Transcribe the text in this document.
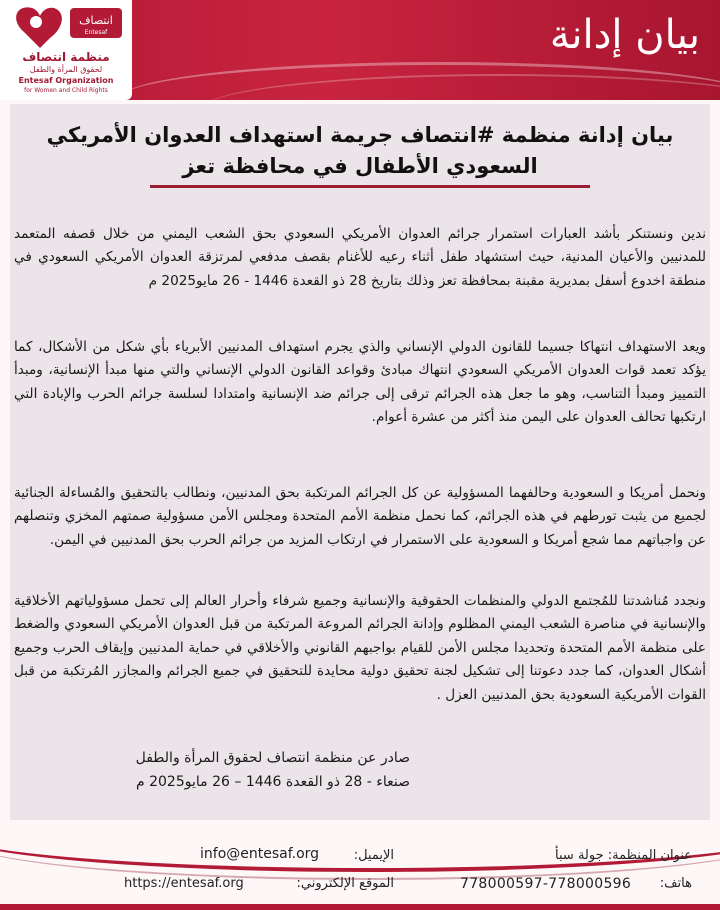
انتصاف
Entesaf
منظمة انتصاف
لحقوق المرأة والطفل
Entesaf Organization
for Women and Child Rights
بيان إدانة
بيان إدانة منظمة #انتصاف جريمة استهداف العدوان الأمريكي السعودي الأطفال في محافظة تعز

ندين ونستنكر بأشد العبارات استمرار جرائم العدوان الأمريكي السعودي بحق الشعب اليمني من خلال قصفه المتعمد للمدنيين والأعيان المدنية، حيث استشهاد طفل أثناء رعيه للأغنام بقصف مدفعي لمرتزقة العدوان الأمريكي السعودي في منطقة اخدوع أسفل بمديرية مقبنة بمحافظة تعز وذلك بتاريخ 28 ذو القعدة 1446 - 26 مايو2025 م

ويعد الاستهداف انتهاكا جسيما للقانون الدولي الإنساني والذي يجرم استهداف المدنيين الأبرياء بأي شكل من الأشكال، كما يؤكد تعمد قوات العدوان الأمريكي السعودي انتهاك مبادئ وقواعد القانون الدولي الإنساني والتي منها مبدأ الإنسانية، ومبدأ التمييز ومبدأ التناسب، وهو ما جعل هذه الجرائم ترقى إلى جرائم ضد الإنسانية وامتدادا لسلسة جرائم الحرب والإبادة التي ارتكبها تحالف العدوان على اليمن منذ أكثر من عشرة أعوام.

ونحمل أمريكا و السعودية وحالفهما المسؤولية عن كل الجرائم المرتكبة بحق المدنيين، ونطالب بالتحقيق والمُساءلة الجنائية لجميع من يثبت تورطهم في هذه الجرائم، كما نحمل منظمة الأمم المتحدة ومجلس الأمن مسؤولية صمتهم المخزي وتنصلهم عن واجباتهم مما شجع أمريكا و السعودية على الاستمرار في ارتكاب المزيد من جرائم الحرب بحق المدنيين في اليمن.

ونجدد مُناشدتنا للمُجتمع الدولي والمنظمات الحقوقية والإنسانية وجميع شرفاء وأحرار العالم إلى تحمل مسؤولياتهم الأخلاقية والإنسانية في مناصرة الشعب اليمني المظلوم وإدانة الجرائم المروعة المرتكبة من قبل العدوان الأمريكي السعودي والضغط على منظمة الأمم المتحدة وتحديدا مجلس الأمن للقيام بواجبهم القانوني والأخلاقي في حماية المدنيين وإيقاف الحرب وجميع أشكال العدوان، كما جدد دعوتنا إلى تشكيل لجنة تحقيق دولية محايدة للتحقيق في جميع الجرائم والمجازر المُرتكبة من قبل القوات الأمريكية السعودية بحق المدنيين العزل .

صادر عن منظمة انتصاف لحقوق المرأة والطفل
صنعاء - 28 ذو القعدة 1446 – 26 مايو2025 م
الإيميل:
info@entesaf.org
الموقع الإلكتروني:
https://entesaf.org
عنوان المنظمة: جولة سبأ
هاتف:
778000597-778000596
